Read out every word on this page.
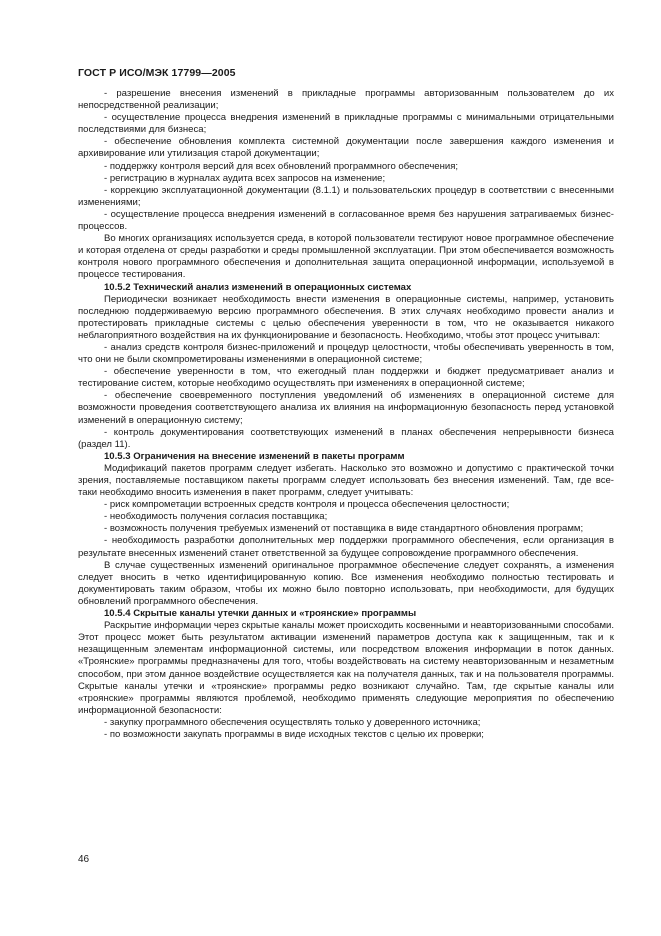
ГОСТ Р ИСО/МЭК 17799—2005

- разрешение внесения изменений в прикладные программы авторизованным пользователем до их непосредственной реализации;

- осуществление процесса внедрения изменений в прикладные программы с минимальными отрицательными последствиями для бизнеса;

- обеспечение обновления комплекта системной документации после завершения каждого изменения и архивирование или утилизация старой документации;

- поддержку контроля версий для всех обновлений программного обеспечения;

- регистрацию в журналах аудита всех запросов на изменение;

- коррекцию эксплуатационной документации (8.1.1) и пользовательских процедур в соответствии с внесенными изменениями;

- осуществление процесса внедрения изменений в согласованное время без нарушения затрагиваемых бизнес-процессов.

Во многих организациях используется среда, в которой пользователи тестируют новое программное обеспечение и которая отделена от среды разработки и среды промышленной эксплуатации. При этом обеспечивается возможность контроля нового программного обеспечения и дополнительная защита операционной информации, используемой в процессе тестирования.

10.5.2 Технический анализ изменений в операционных системах

Периодически возникает необходимость внести изменения в операционные системы, например, установить последнюю поддерживаемую версию программного обеспечения. В этих случаях необходимо провести анализ и протестировать прикладные системы с целью обеспечения уверенности в том, что не оказывается никакого неблагоприятного воздействия на их функционирование и безопасность. Необходимо, чтобы этот процесс учитывал:

- анализ средств контроля бизнес-приложений и процедур целостности, чтобы обеспечивать уверенность в том, что они не были скомпрометированы изменениями в операционной системе;

- обеспечение уверенности в том, что ежегодный план поддержки и бюджет предусматривает анализ и тестирование систем, которые необходимо осуществлять при изменениях в операционной системе;

- обеспечение своевременного поступления уведомлений об изменениях в операционной системе для возможности проведения соответствующего анализа их влияния на информационную безопасность перед установкой изменений в операционную систему;

- контроль документирования соответствующих изменений в планах обеспечения непрерывности бизнеса (раздел 11).

10.5.3 Ограничения на внесение изменений в пакеты программ

Модификаций пакетов программ следует избегать. Насколько это возможно и допустимо с практической точки зрения, поставляемые поставщиком пакеты программ следует использовать без внесения изменений. Там, где все-таки необходимо вносить изменения в пакет программ, следует учитывать:

- риск компрометации встроенных средств контроля и процесса обеспечения целостности;

- необходимость получения согласия поставщика;

- возможность получения требуемых изменений от поставщика в виде стандартного обновления программ;

- необходимость разработки дополнительных мер поддержки программного обеспечения, если организация в результате внесенных изменений станет ответственной за будущее сопровождение программного обеспечения.

В случае существенных изменений оригинальное программное обеспечение следует сохранять, а изменения следует вносить в четко идентифицированную копию. Все изменения необходимо полностью тестировать и документировать таким образом, чтобы их можно было повторно использовать, при необходимости, для будущих обновлений программного обеспечения.

10.5.4 Скрытые каналы утечки данных и «троянские» программы

Раскрытие информации через скрытые каналы может происходить косвенными и неавторизованными способами. Этот процесс может быть результатом активации изменений параметров доступа как к защищенным, так и к незащищенным элементам информационной системы, или посредством вложения информации в поток данных. «Троянские» программы предназначены для того, чтобы воздействовать на систему неавторизованным и незаметным способом, при этом данное воздействие осуществляется как на получателя данных, так и на пользователя программы. Скрытые каналы утечки и «троянские» программы редко возникают случайно. Там, где скрытые каналы или «троянские» программы являются проблемой, необходимо применять следующие мероприятия по обеспечению информационной безопасности:

- закупку программного обеспечения осуществлять только у доверенного источника;

- по возможности закупать программы в виде исходных текстов с целью их проверки;

46
